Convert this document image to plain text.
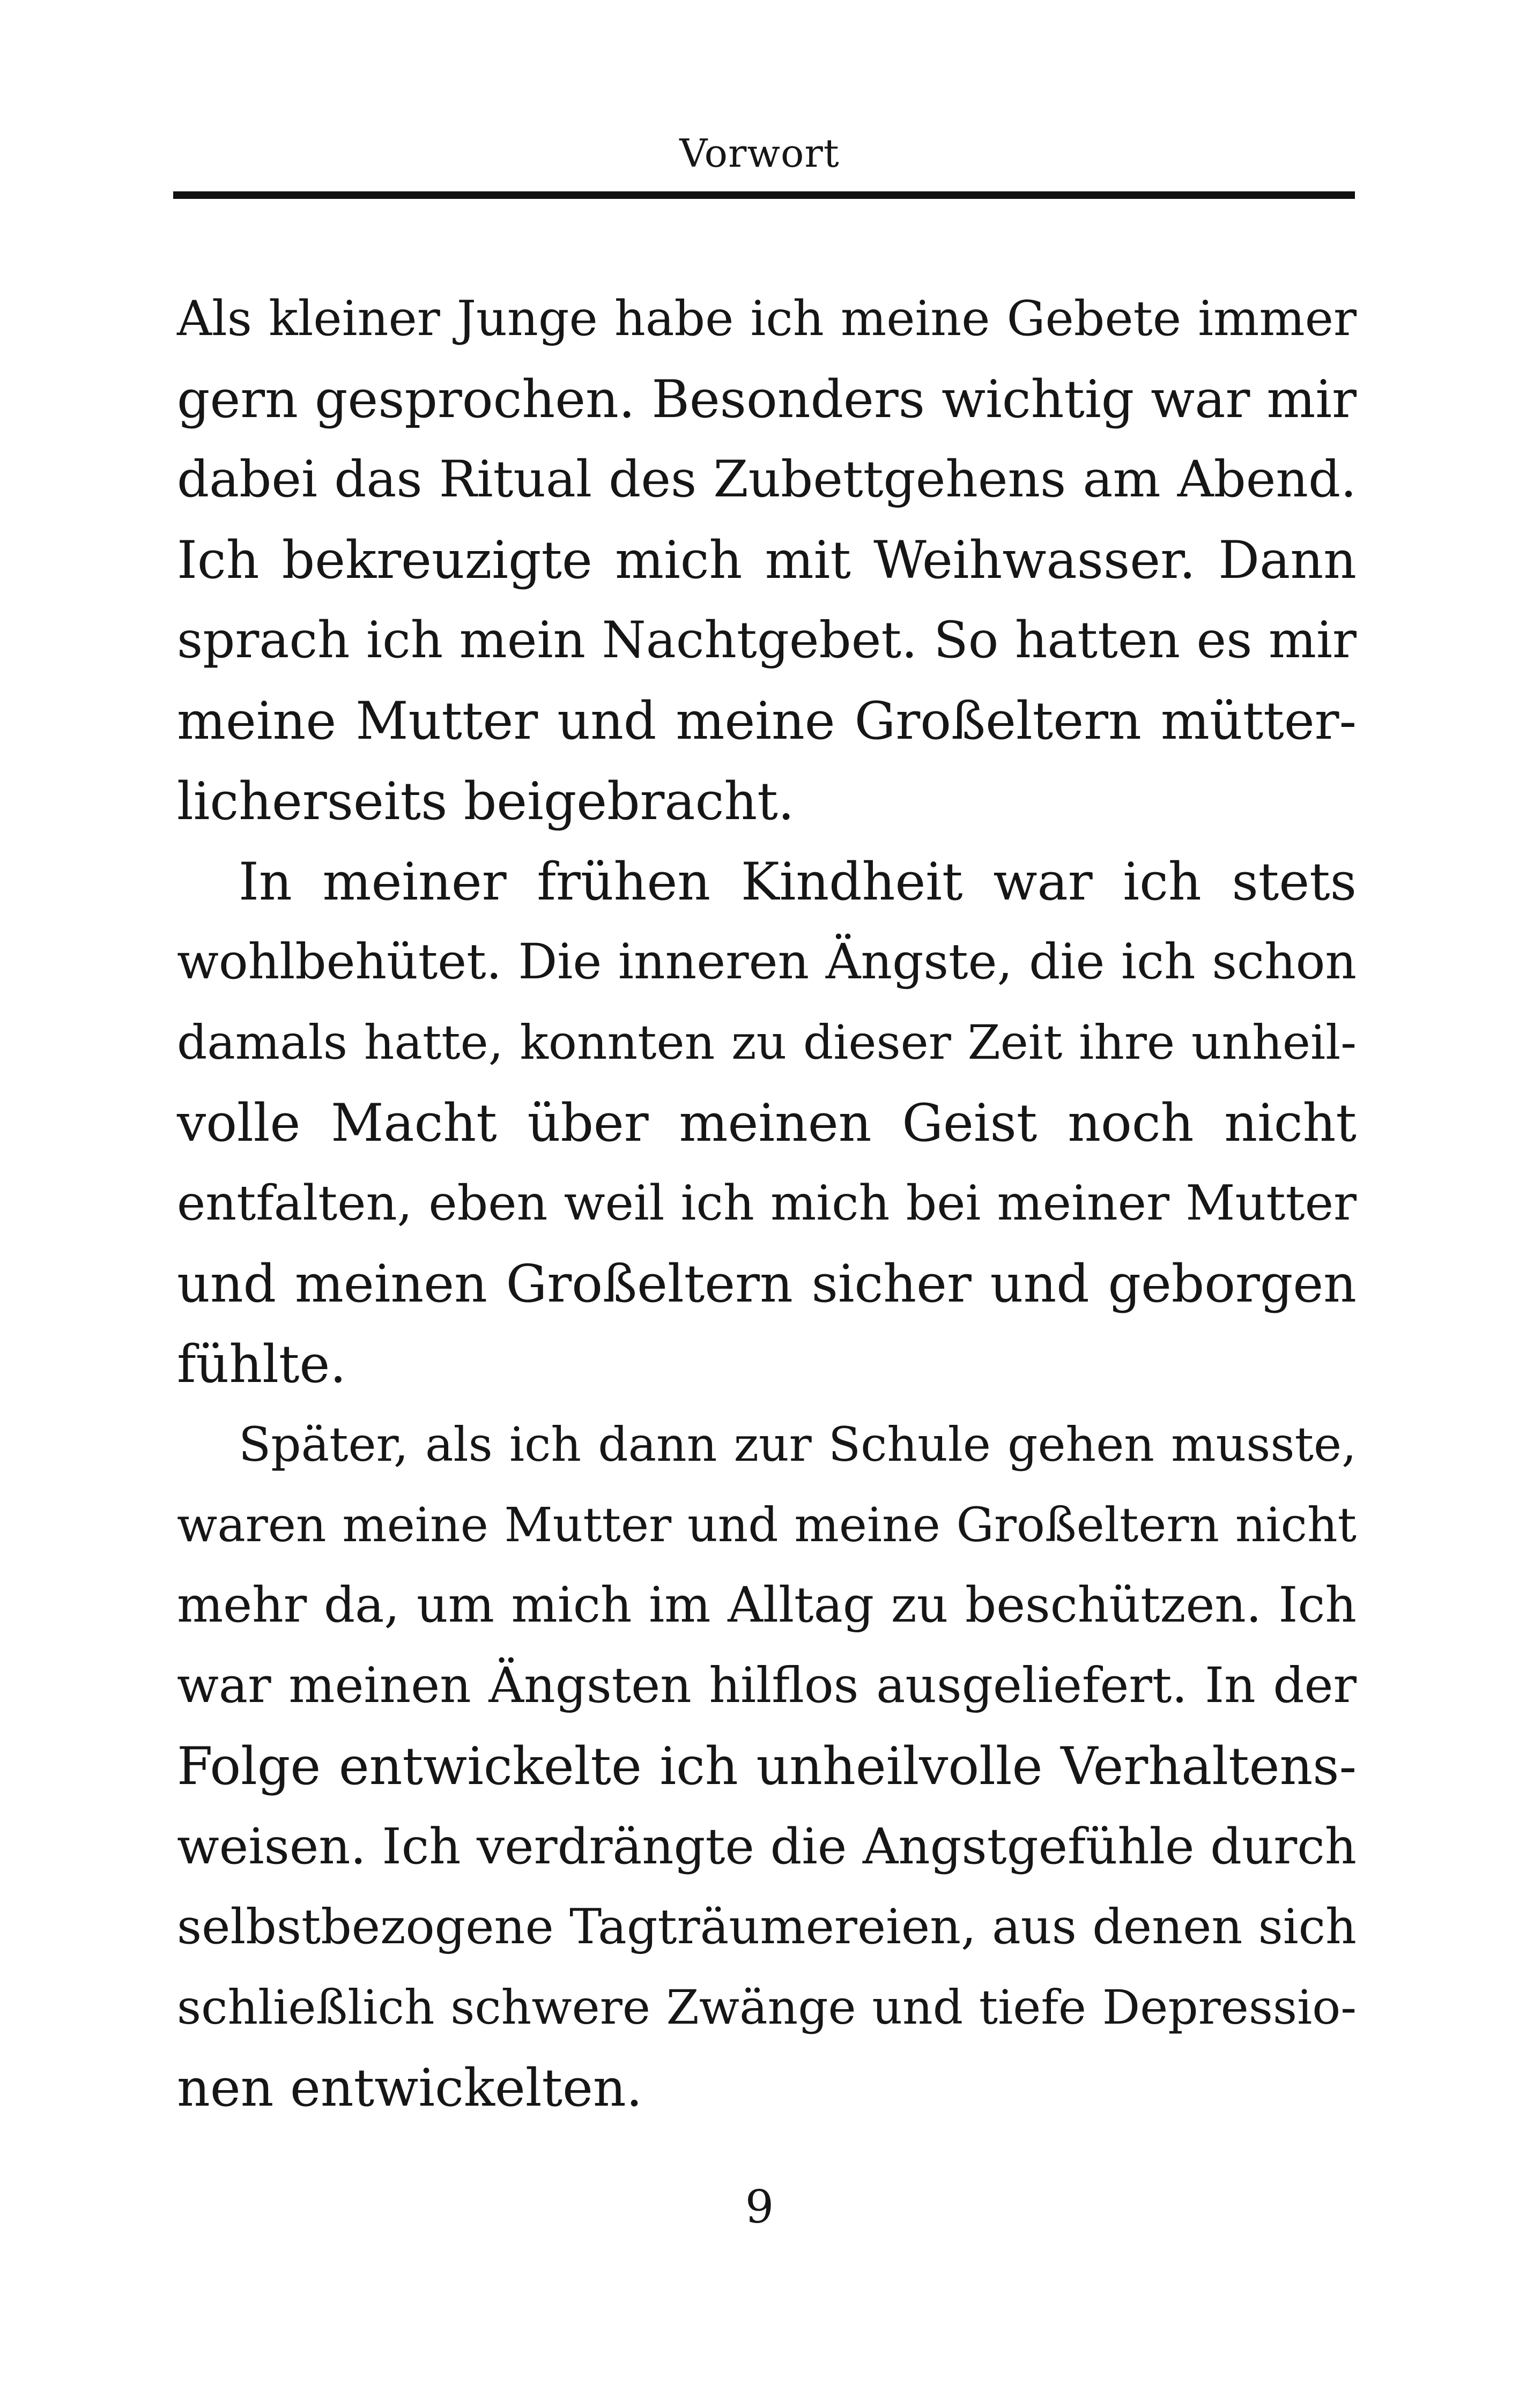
Vorwort
Als kleiner Junge habe ich meine Gebete immer
gern gesprochen. Besonders wichtig war mir
dabei das Ritual des Zubettgehens am Abend.
Ich bekreuzigte mich mit Weihwasser. Dann
sprach ich mein Nachtgebet. So hatten es mir
meine Mutter und meine Großeltern mütter-
licherseits beigebracht.
In meiner frühen Kindheit war ich stets
wohlbehütet. Die inneren Ängste, die ich schon
damals hatte, konnten zu dieser Zeit ihre unheil-
volle Macht über meinen Geist noch nicht
entfalten, eben weil ich mich bei meiner Mutter
und meinen Großeltern sicher und geborgen
fühlte.
Später, als ich dann zur Schule gehen musste,
waren meine Mutter und meine Großeltern nicht
mehr da, um mich im Alltag zu beschützen. Ich
war meinen Ängsten hilflos ausgeliefert. In der
Folge entwickelte ich unheilvolle Verhaltens-
weisen. Ich verdrängte die Angstgefühle durch
selbstbezogene Tagträumereien, aus denen sich
schließlich schwere Zwänge und tiefe Depressio-
nen entwickelten.
9
